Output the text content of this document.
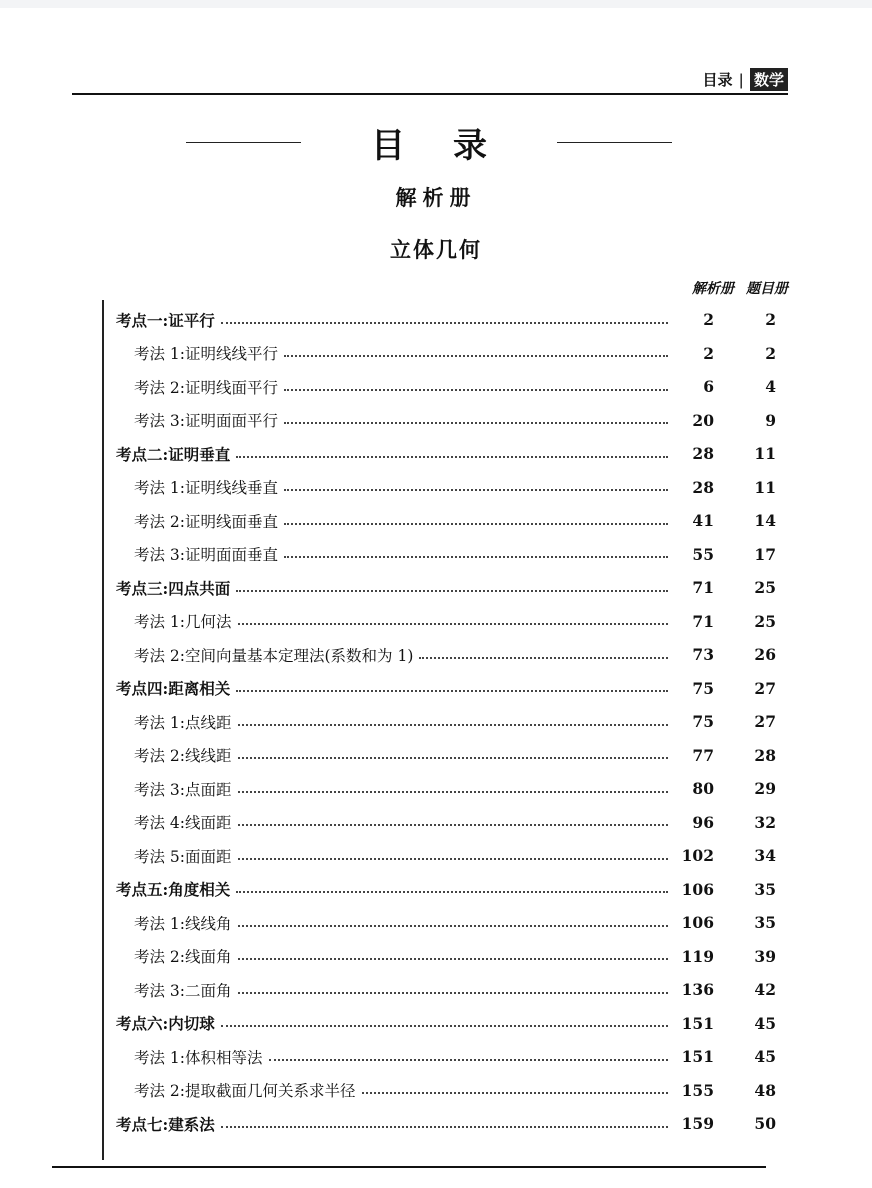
目录 | 数学
目录
解析册
立体几何
解析册 题目册
考点一:证平行	2	2
考法 1:证明线线平行	2	2
考法 2:证明线面平行	6	4
考法 3:证明面面平行	20	9
考点二:证明垂直	28	11
考法 1:证明线线垂直	28	11
考法 2:证明线面垂直	41	14
考法 3:证明面面垂直	55	17
考点三:四点共面	71	25
考法 1:几何法	71	25
考法 2:空间向量基本定理法(系数和为 1)	73	26
考点四:距离相关	75	27
考法 1:点线距	75	27
考法 2:线线距	77	28
考法 3:点面距	80	29
考法 4:线面距	96	32
考法 5:面面距	102	34
考点五:角度相关	106	35
考法 1:线线角	106	35
考法 2:线面角	119	39
考法 3:二面角	136	42
考点六:内切球	151	45
考法 1:体积相等法	151	45
考法 2:提取截面几何关系求半径	155	48
考点七:建系法	159	50
